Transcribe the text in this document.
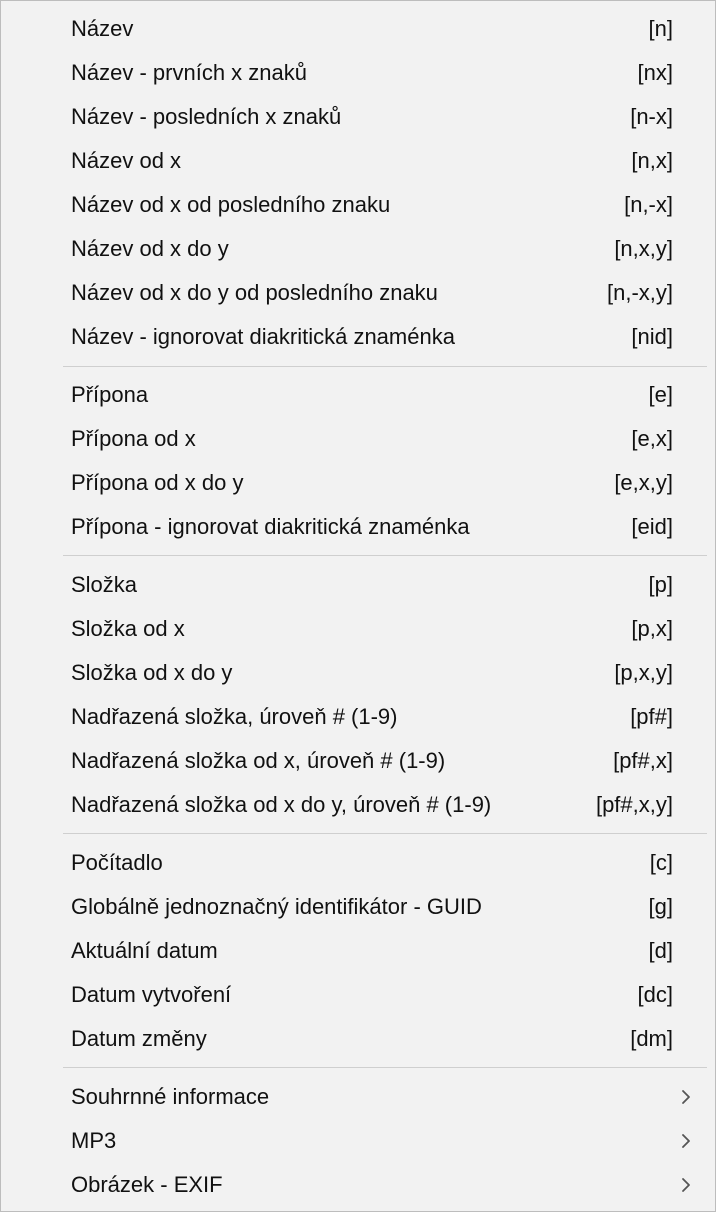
Název	[n]
Název - prvních x znaků	[nx]
Název - posledních x znaků	[n-x]
Název od x	[n,x]
Název od x od posledního znaku	[n,-x]
Název od x do y	[n,x,y]
Název od x do y od posledního znaku	[n,-x,y]
Název - ignorovat diakritická znaménka	[nid]
Přípona	[e]
Přípona od x	[e,x]
Přípona od x do y	[e,x,y]
Přípona - ignorovat diakritická znaménka	[eid]
Složka	[p]
Složka od x	[p,x]
Složka od x do y	[p,x,y]
Nadřazená složka, úroveň # (1-9)	[pf#]
Nadřazená složka od x, úroveň # (1-9)	[pf#,x]
Nadřazená složka od x do y, úroveň # (1-9)	[pf#,x,y]
Počítadlo	[c]
Globálně jednoznačný identifikátor - GUID	[g]
Aktuální datum	[d]
Datum vytvoření	[dc]
Datum změny	[dm]
Souhrnné informace
MP3
Obrázek - EXIF
